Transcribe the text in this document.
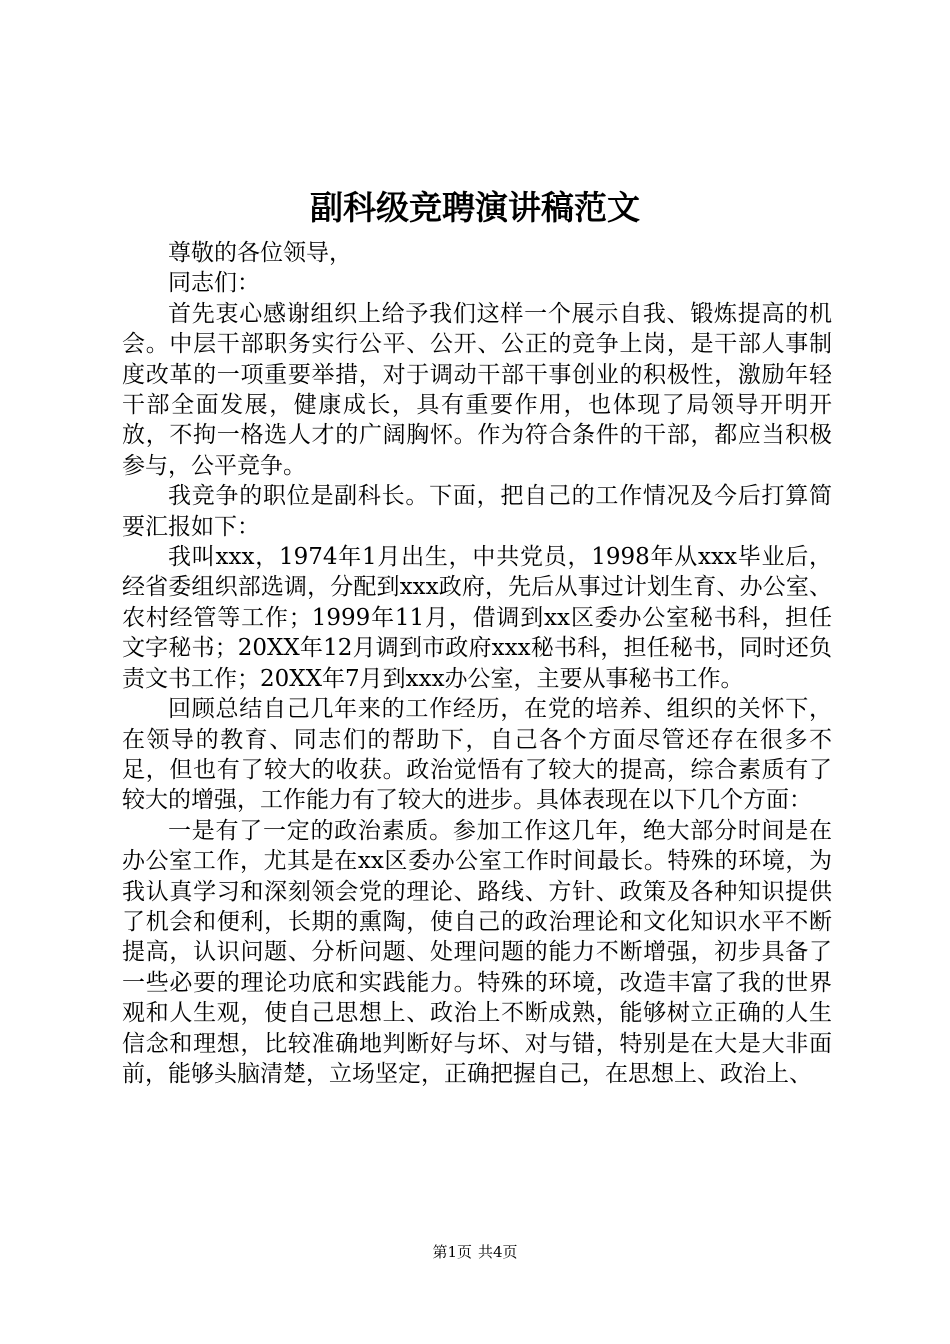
副科级竞聘演讲稿范文

尊敬的各位领导，

同志们：

首先衷心感谢组织上给予我们这样一个展示自我、锻炼提高的机会。中层干部职务实行公平、公开、公正的竞争上岗，是干部人事制度改革的一项重要举措，对于调动干部干事创业的积极性，激励年轻干部全面发展，健康成长，具有重要作用，也体现了局领导开明开放，不拘一格选人才的广阔胸怀。作为符合条件的干部，都应当积极参与，公平竞争。

我竞争的职位是副科长。下面，把自己的工作情况及今后打算简要汇报如下：

我叫xxx，1974年1月出生，中共党员，1998年从xxx毕业后，经省委组织部选调，分配到xxx政府，先后从事过计划生育、办公室、农村经管等工作；1999年11月，借调到xx区委办公室秘书科，担任文字秘书；20XX年12月调到市政府xxx秘书科，担任秘书，同时还负责文书工作；20XX年7月到xxx办公室，主要从事秘书工作。

回顾总结自己几年来的工作经历，在党的培养、组织的关怀下，在领导的教育、同志们的帮助下，自己各个方面尽管还存在很多不足，但也有了较大的收获。政治觉悟有了较大的提高，综合素质有了较大的增强，工作能力有了较大的进步。具体表现在以下几个方面：

一是有了一定的政治素质。参加工作这几年，绝大部分时间是在办公室工作，尤其是在xx区委办公室工作时间最长。特殊的环境，为我认真学习和深刻领会党的理论、路线、方针、政策及各种知识提供了机会和便利，长期的熏陶，使自己的政治理论和文化知识水平不断提高，认识问题、分析问题、处理问题的能力不断增强，初步具备了一些必要的理论功底和实践能力。特殊的环境，改造丰富了我的世界观和人生观，使自己思想上、政治上不断成熟，能够树立正确的人生信念和理想，比较准确地判断好与坏、对与错，特别是在大是大非面前，能够头脑清楚，立场坚定，正确把握自己，在思想上、政治上、

第1页 共4页
